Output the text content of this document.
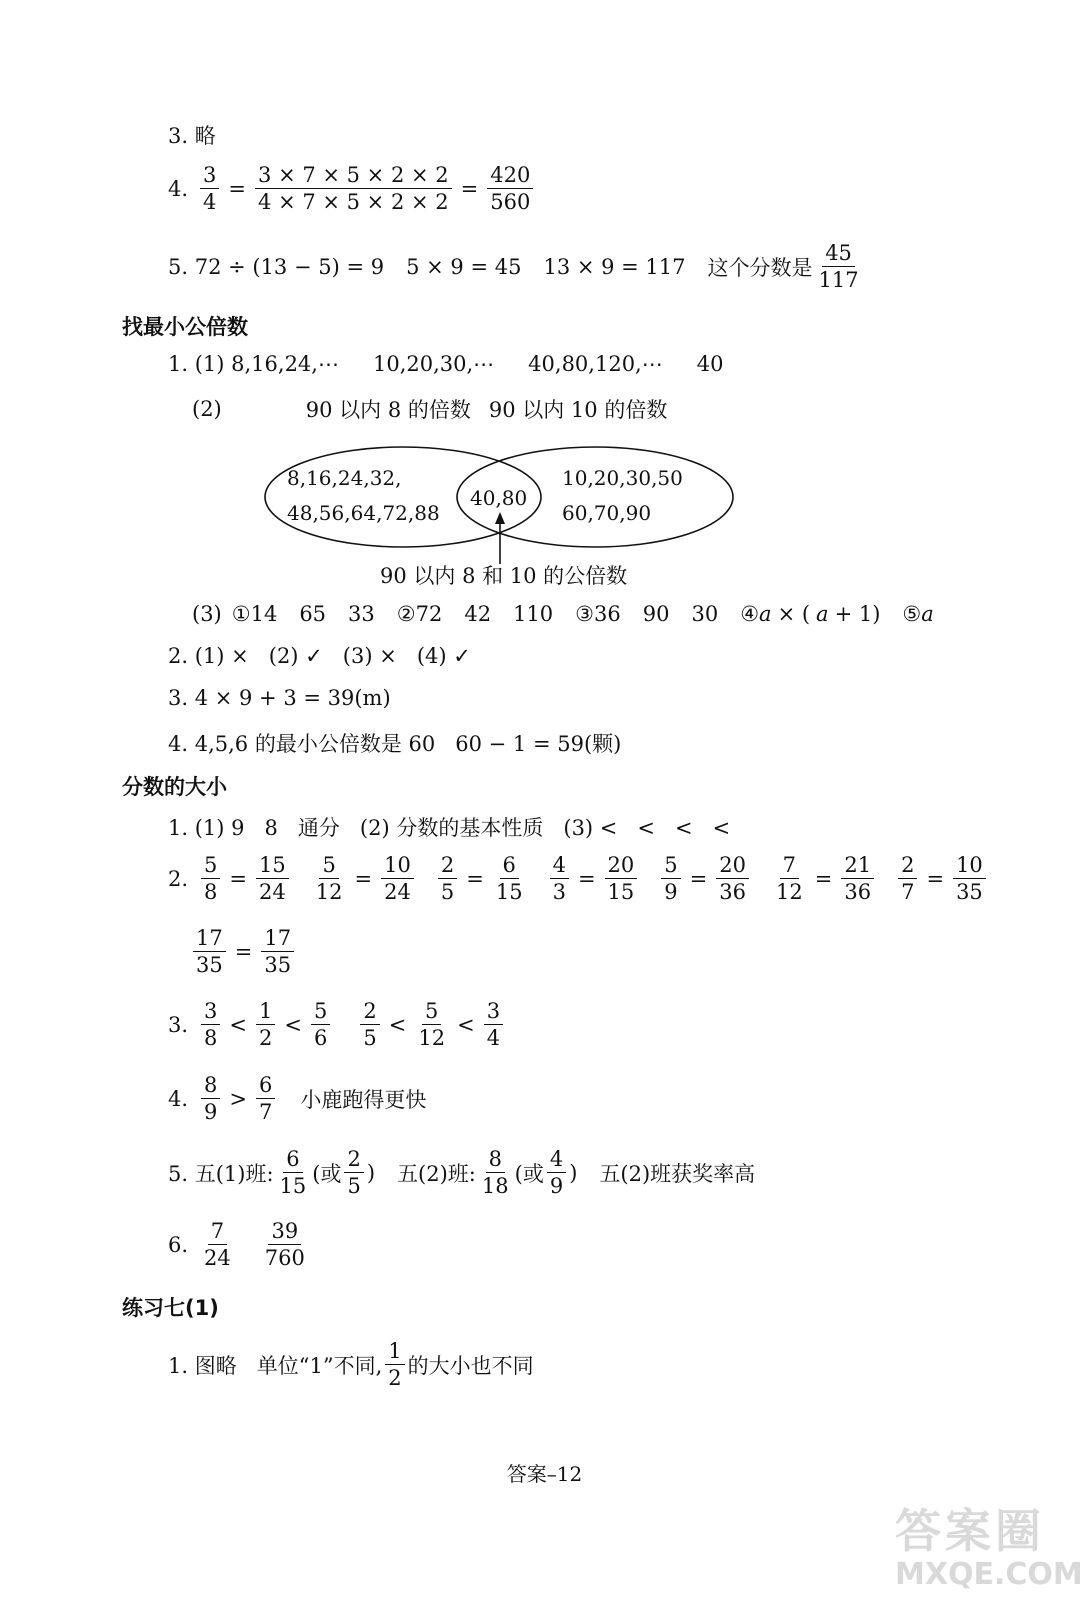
3. 略
4. $\frac{3}{4} = \frac{3 \times 7 \times 5 \times 2 \times 2}{4 \times 7 \times 5 \times 2 \times 2} = \frac{420}{560}$
5. 72 ÷ (13 − 5) = 9 5 × 9 = 45 13 × 9 = 117 这个分数是 $\frac{45}{117}$
找最小公倍数
1. (1) 8,16,24,⋯ 10,20,30,⋯ 40,80,120,⋯ 40
(2)	90 以内 8 的倍数 90 以内 10 的倍数
8,16,24,32,
48,56,64,72,88
40,80
10,20,30,50
60,70,90
90 以内 8 和 10 的公倍数
(3) ① 14 65 33 ② 72 42 110 ③ 36 90 30 ④ a × ( a + 1) ⑤ a
2. (1) ×   (2) ✓   (3) ×   (4) ✓
3. 4 × 9 + 3 = 39(m)
4. 4,5,6 的最小公倍数是 60   60 − 1 = 59(颗)
分数的大小
1. (1) 9   8   通分   (2) 分数的基本性质   (3) <   <   <   <
2. $\frac{5}{8} = \frac{15}{24} \frac{5}{12} = \frac{10}{24} \frac{2}{5} = \frac{6}{15} \frac{4}{3} = \frac{20}{15} \frac{5}{9} = \frac{20}{36} \frac{7}{12} = \frac{21}{36} \frac{2}{7} = \frac{10}{35}$
$\frac{17}{35} = \frac{17}{35}$
3. $\frac{3}{8} < \frac{1}{2} < \frac{5}{6} \frac{2}{5} < \frac{5}{12} < \frac{3}{4}$
4. $\frac{8}{9} > \frac{6}{7}$ 小鹿跑得更快
5. 五(1)班: $\frac{6}{15}$ (或 $\frac{2}{5}$ ) 五(2)班: $\frac{8}{18}$ (或 $\frac{4}{9}$ ) 五(2)班获奖率高
6. $\frac{7}{24} \frac{39}{760}$
练习七(1)
1. 图略   单位“1”不同, $\frac{1}{2}$ 的大小也不同
答案–12
答案圈
MXQE.COM
